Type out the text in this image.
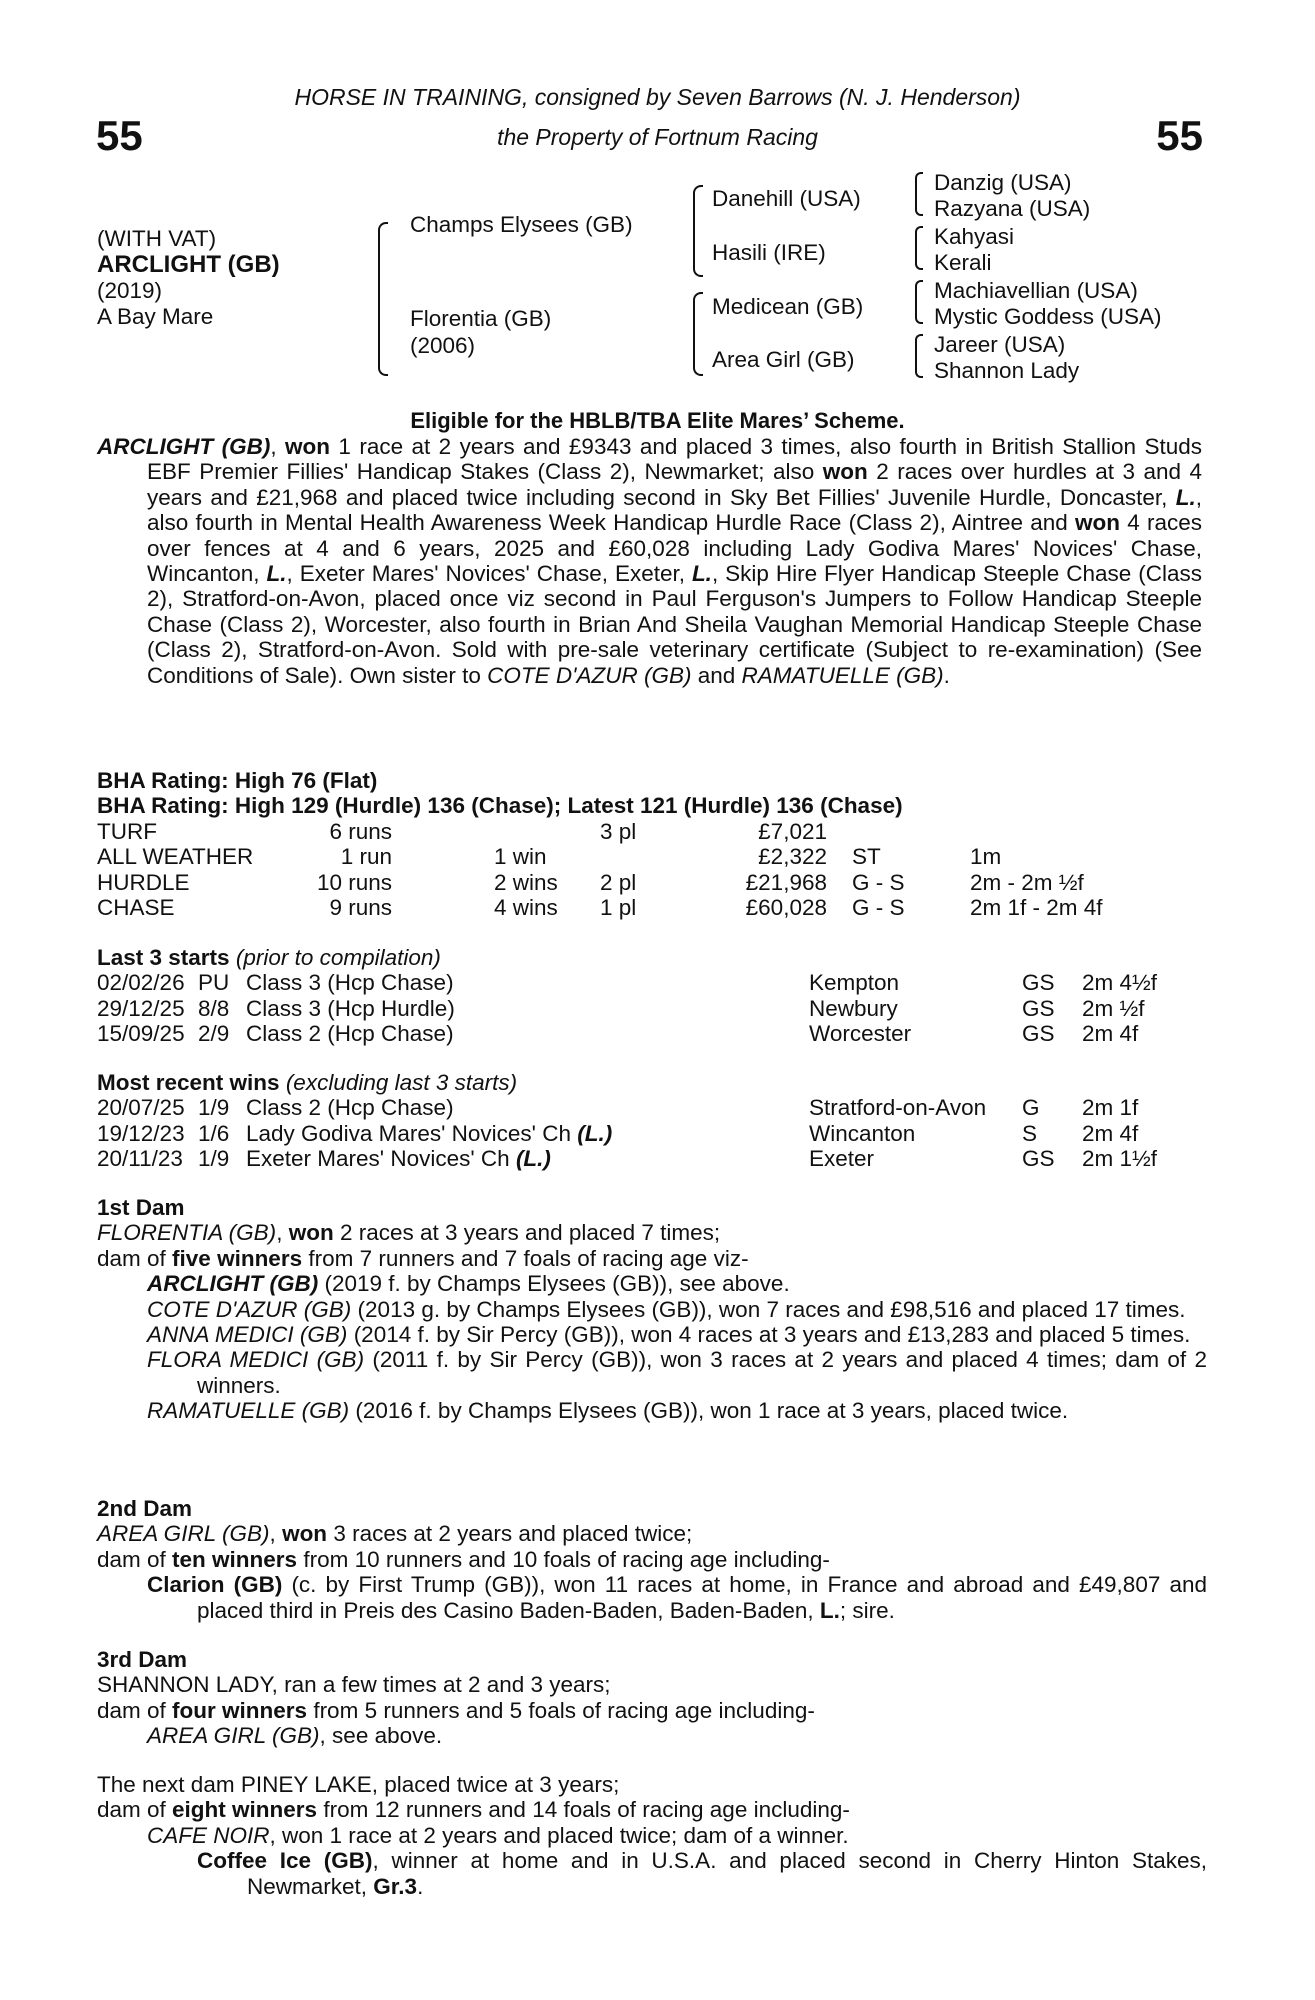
HORSE IN TRAINING, consigned by Seven Barrows (N. J. Henderson)
the Property of Fortnum Racing
55	55
(WITH VAT)
ARCLIGHT (GB)
(2019)
A Bay Mare
Champs Elysees (GB)
Florentia (GB)
(2006)
Danehill (USA)
Hasili (IRE)
Medicean (GB)
Area Girl (GB)
Danzig (USA)
Razyana (USA)
Kahyasi
Kerali
Machiavellian (USA)
Mystic Goddess (USA)
Jareer (USA)
Shannon Lady
Eligible for the HBLB/TBA Elite Mares’ Scheme.
ARCLIGHT (GB), won 1 race at 2 years and £9343 and placed 3 times, also fourth in British Stallion Studs EBF Premier Fillies' Handicap Stakes (Class 2), Newmarket; also won 2 races over hurdles at 3 and 4 years and £21,968 and placed twice including second in Sky Bet Fillies' Juvenile Hurdle, Doncaster, L., also fourth in Mental Health Awareness Week Handicap Hurdle Race (Class 2), Aintree and won 4 races over fences at 4 and 6 years, 2025 and £60,028 including Lady Godiva Mares' Novices' Chase, Wincanton, L., Exeter Mares' Novices' Chase, Exeter, L., Skip Hire Flyer Handicap Steeple Chase (Class 2), Stratford-on-Avon, placed once viz second in Paul Ferguson's Jumpers to Follow Handicap Steeple Chase (Class 2), Worcester, also fourth in Brian And Sheila Vaughan Memorial Handicap Steeple Chase (Class 2), Stratford-on-Avon. Sold with pre-sale veterinary certificate (Subject to re-examination) (See Conditions of Sale). Own sister to COTE D'AZUR (GB) and RAMATUELLE (GB).
BHA Rating: High 76 (Flat)
BHA Rating: High 129 (Hurdle) 136 (Chase); Latest 121 (Hurdle) 136 (Chase)
TURF	6 runs	3 pl	£7,021
ALL WEATHER	1 run	1 win	£2,322 ST	1m
HURDLE	10 runs	2 wins 2 pl	£21,968 G - S	2m - 2m ½f
CHASE	9 runs	4 wins 1 pl	£60,028 G - S	2m 1f - 2m 4f
Last 3 starts (prior to compilation)
02/02/26 PU Class 3 (Hcp Chase)	Kempton	GS 2m 4½f
29/12/25 8/8 Class 3 (Hcp Hurdle)	Newbury	GS 2m ½f
15/09/25 2/9 Class 2 (Hcp Chase)	Worcester	GS 2m 4f
Most recent wins (excluding last 3 starts)
20/07/25 1/9 Class 2 (Hcp Chase)	Stratford-on-Avon G 2m 1f
19/12/23 1/6 Lady Godiva Mares' Novices' Ch (L.)	Wincanton	S 2m 4f
20/11/23 1/9 Exeter Mares' Novices' Ch (L.)	Exeter	GS 2m 1½f
1st Dam
FLORENTIA (GB), won 2 races at 3 years and placed 7 times;
dam of five winners from 7 runners and 7 foals of racing age viz-
ARCLIGHT (GB) (2019 f. by Champs Elysees (GB)), see above.
COTE D'AZUR (GB) (2013 g. by Champs Elysees (GB)), won 7 races and £98,516 and placed 17 times.
ANNA MEDICI (GB) (2014 f. by Sir Percy (GB)), won 4 races at 3 years and £13,283 and placed 5 times.
FLORA MEDICI (GB) (2011 f. by Sir Percy (GB)), won 3 races at 2 years and placed 4 times; dam of 2 winners.
RAMATUELLE (GB) (2016 f. by Champs Elysees (GB)), won 1 race at 3 years, placed twice.
2nd Dam
AREA GIRL (GB), won 3 races at 2 years and placed twice;
dam of ten winners from 10 runners and 10 foals of racing age including-
Clarion (GB) (c. by First Trump (GB)), won 11 races at home, in France and abroad and £49,807 and placed third in Preis des Casino Baden-Baden, Baden-Baden, L.; sire.
3rd Dam
SHANNON LADY, ran a few times at 2 and 3 years;
dam of four winners from 5 runners and 5 foals of racing age including-
AREA GIRL (GB), see above.
The next dam PINEY LAKE, placed twice at 3 years;
dam of eight winners from 12 runners and 14 foals of racing age including-
CAFE NOIR, won 1 race at 2 years and placed twice; dam of a winner.
Coffee Ice (GB), winner at home and in U.S.A. and placed second in Cherry Hinton Stakes, Newmarket, Gr.3.
